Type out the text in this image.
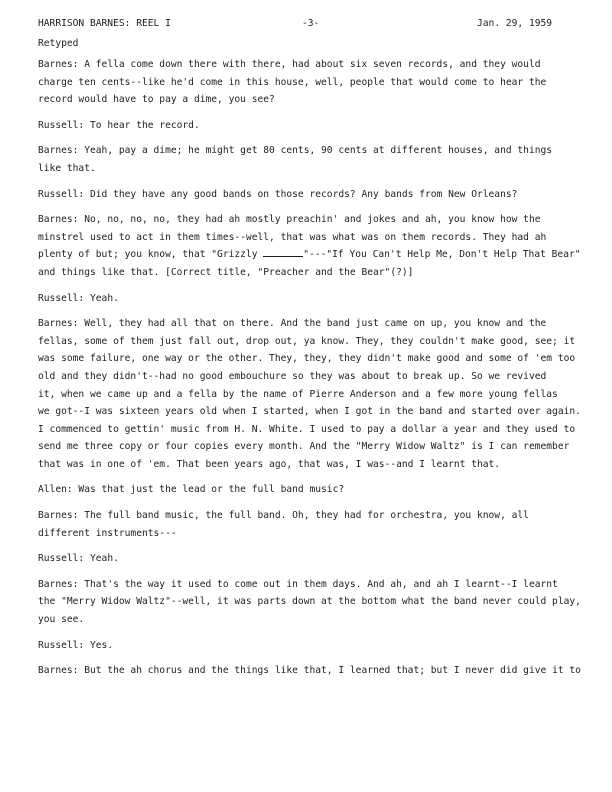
HARRISON BARNES: REEL I	-3-	Jan. 29, 1959
Retyped
Barnes: A fella come down there with there, had about six seven records, and they would
charge ten cents--like he'd come in this house, well, people that would come to hear the
record would have to pay a dime, you see?
Russell: To hear the record.
Barnes: Yeah, pay a dime; he might get 80 cents, 90 cents at different houses, and things
like that.
Russell: Did they have any good bands on those records? Any bands from New Orleans?
Barnes: No, no, no, no, they had ah mostly preachin' and jokes and ah, you know how the
minstrel used to act in them times--well, that was what was on them records. They had ah
plenty of but; you know, that "Grizzly	"---"If You Can't Help Me, Don't Help That Bear"
and things like that. [Correct title, "Preacher and the Bear"(?)]
Russell: Yeah.
Barnes: Well, they had all that on there. And the band just came on up, you know and the
fellas, some of them just fall out, drop out, ya know. They, they couldn't make good, see; it
was some failure, one way or the other. They, they, they didn't make good and some of 'em too
old and they didn't--had no good embouchure so they was about to break up. So we revived
it, when we came up and a fella by the name of Pierre Anderson and a few more young fellas
we got--I was sixteen years old when I started, when I got in the band and started over again.
I commenced to gettin' music from H. N. White. I used to pay a dollar a year and they used to
send me three copy or four copies every month. And the "Merry Widow Waltz" is I can remember
that was in one of 'em. That been years ago, that was, I was--and I learnt that.
Allen: Was that just the lead or the full band music?
Barnes: The full band music, the full band. Oh, they had for orchestra, you know, all
different instruments---
Russell: Yeah.
Barnes: That's the way it used to come out in them days. And ah, and ah I learnt--I learnt
the "Merry Widow Waltz"--well, it was parts down at the bottom what the band never could play,
you see.
Russell: Yes.
Barnes: But the ah chorus and the things like that, I learned that; but I never did give it to
